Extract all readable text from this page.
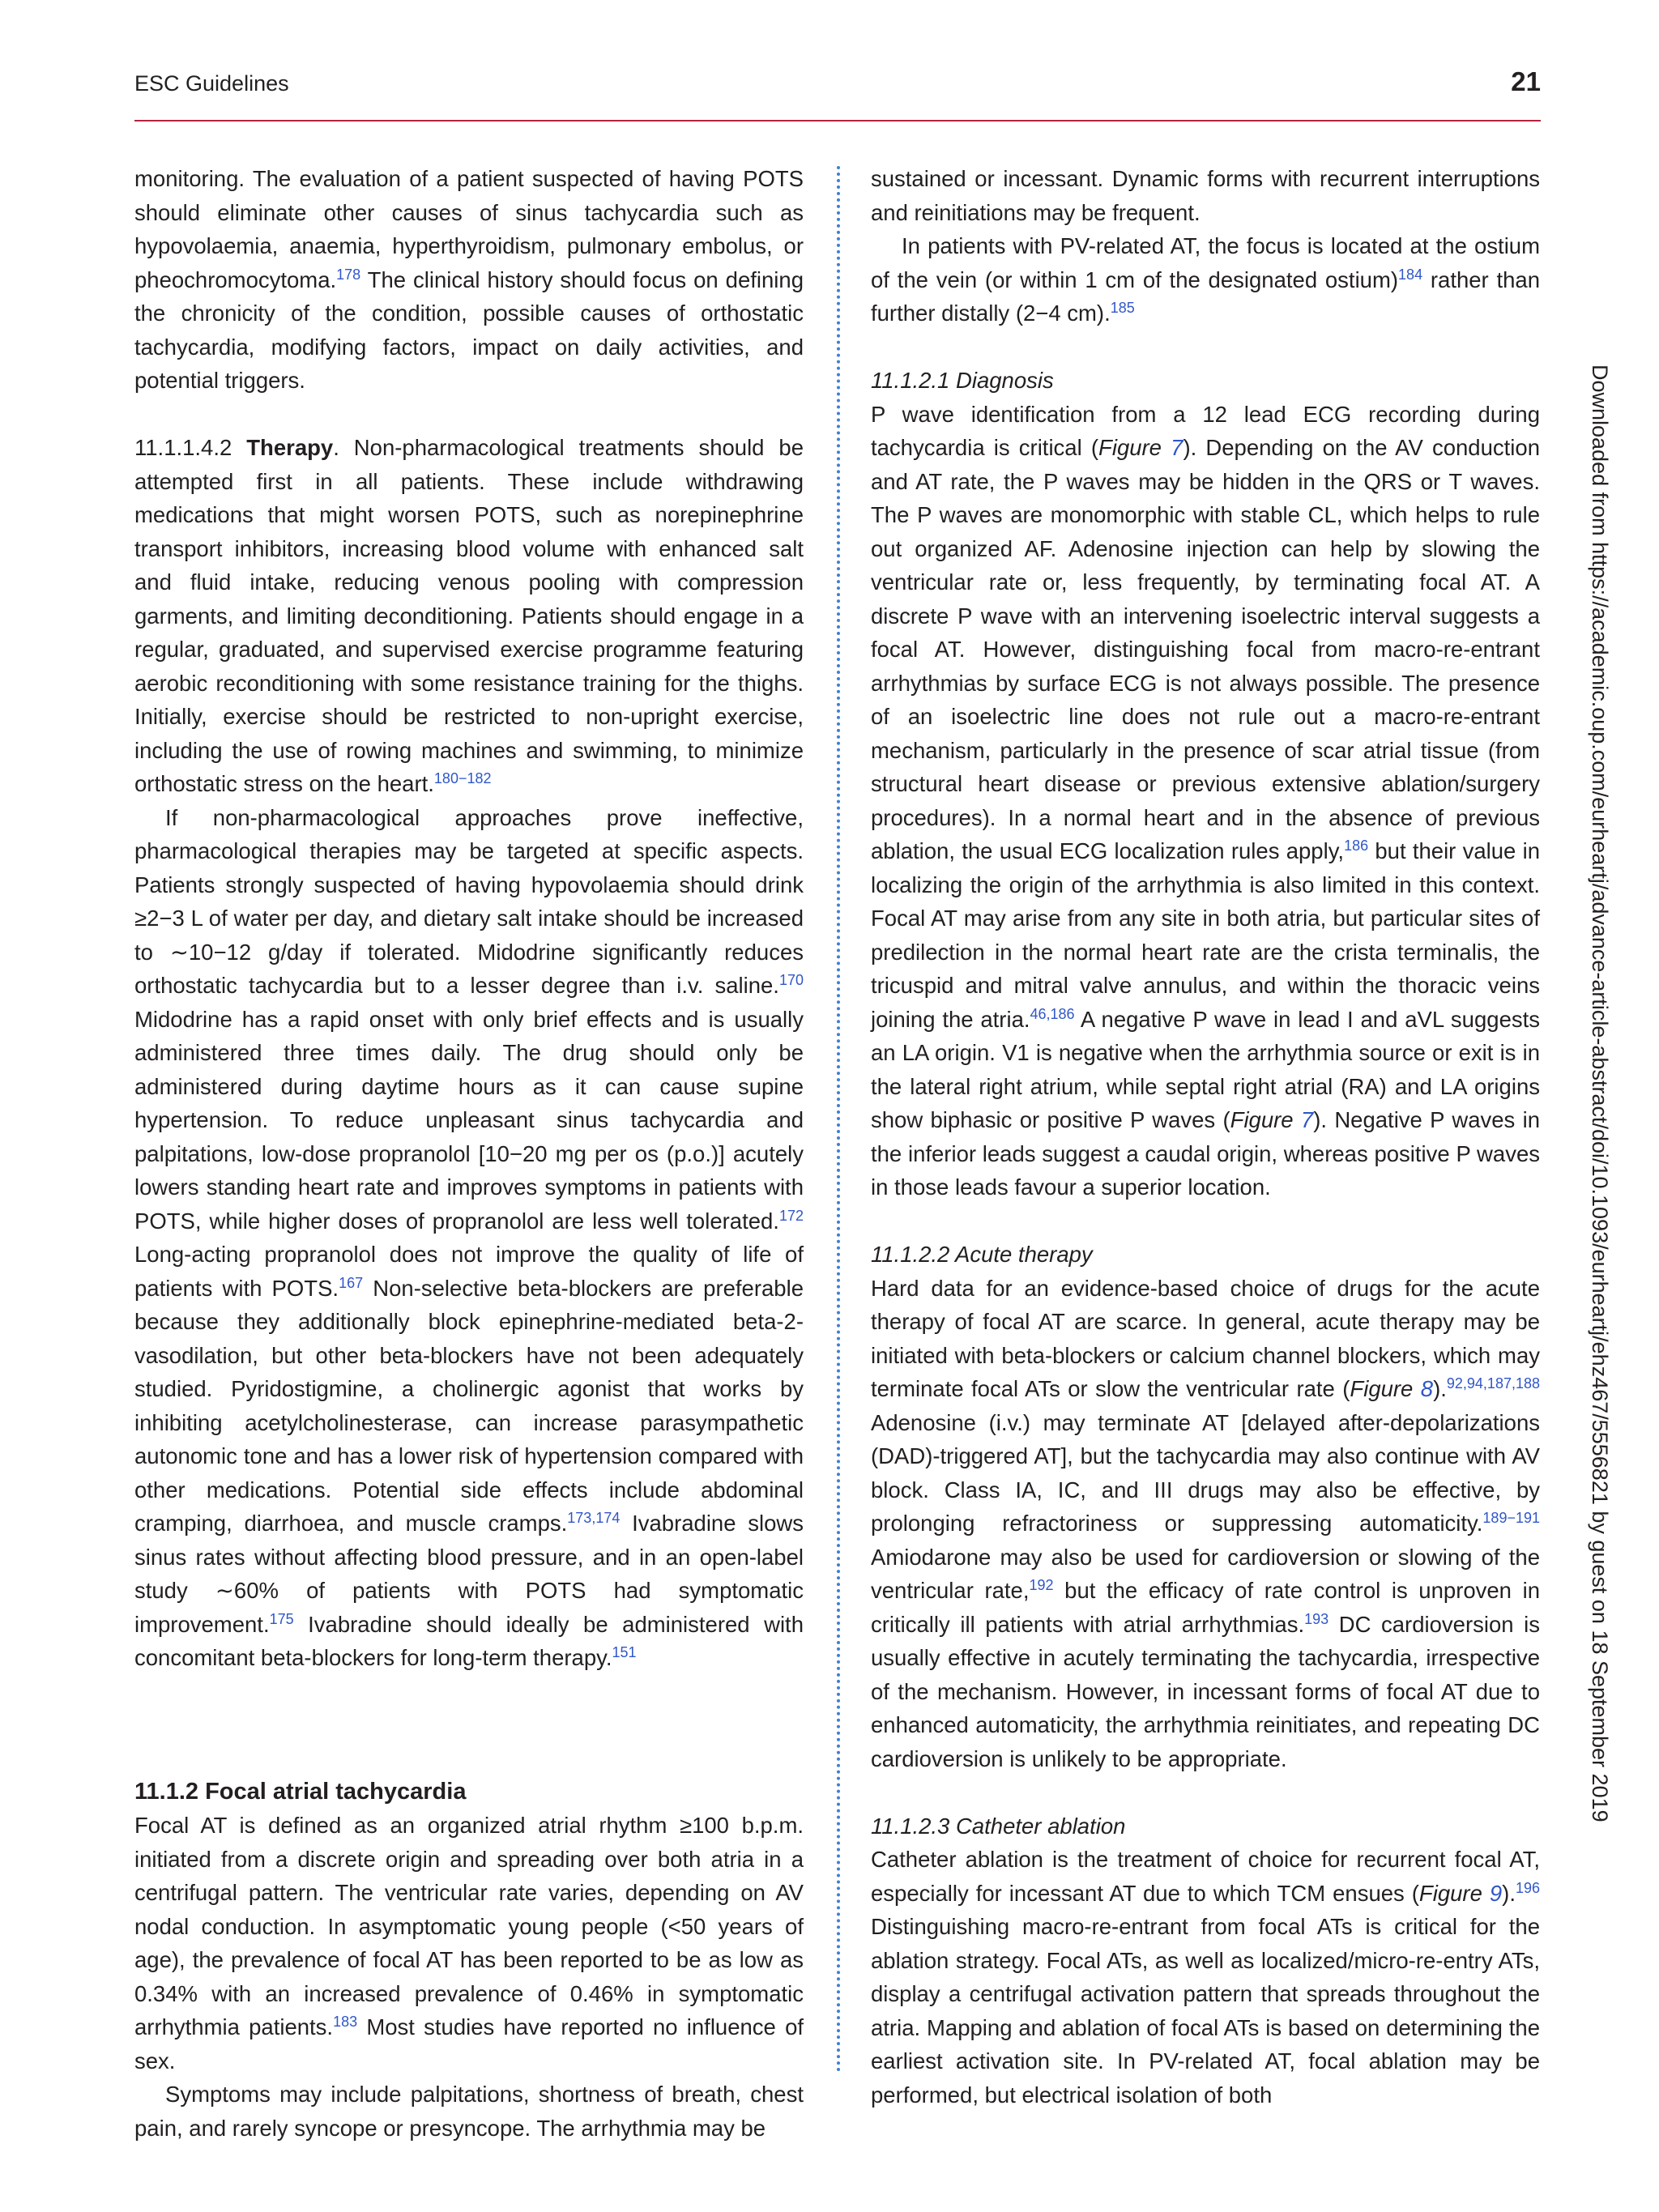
ESC Guidelines	21

monitoring. The evaluation of a patient suspected of having POTS should eliminate other causes of sinus tachycardia such as hypovolaemia, anaemia, hyperthyroidism, pulmonary embolus, or pheochromocytoma.$^{178}$ The clinical history should focus on defining the chronicity of the condition, possible causes of orthostatic tachycardia, modifying factors, impact on daily activities, and potential triggers.

11.1.1.4.2 Therapy. Non-pharmacological treatments should be attempted first in all patients. These include withdrawing medications that might worsen POTS, such as norepinephrine transport inhibitors, increasing blood volume with enhanced salt and fluid intake, reducing venous pooling with compression garments, and limiting deconditioning. Patients should engage in a regular, graduated, and supervised exercise programme featuring aerobic reconditioning with some resistance training for the thighs. Initially, exercise should be restricted to non-upright exercise, including the use of rowing machines and swimming, to minimize orthostatic stress on the heart.$^{180-182}$

If non-pharmacological approaches prove ineffective, pharmacological therapies may be targeted at specific aspects. Patients strongly suspected of having hypovolaemia should drink ≥2−3 L of water per day, and dietary salt intake should be increased to ∼10−12 g/day if tolerated. Midodrine significantly reduces orthostatic tachycardia but to a lesser degree than i.v. saline.$^{170}$ Midodrine has a rapid onset with only brief effects and is usually administered three times daily. The drug should only be administered during daytime hours as it can cause supine hypertension. To reduce unpleasant sinus tachycardia and palpitations, low-dose propranolol [10−20 mg per os (p.o.)] acutely lowers standing heart rate and improves symptoms in patients with POTS, while higher doses of propranolol are less well tolerated.$^{172}$ Long-acting propranolol does not improve the quality of life of patients with POTS.$^{167}$ Non-selective beta-blockers are preferable because they additionally block epinephrine-mediated beta-2-vasodilation, but other beta-blockers have not been adequately studied. Pyridostigmine, a cholinergic agonist that works by inhibiting acetylcholinesterase, can increase parasympathetic autonomic tone and has a lower risk of hypertension compared with other medications. Potential side effects include abdominal cramping, diarrhoea, and muscle cramps.$^{173,174}$ Ivabradine slows sinus rates without affecting blood pressure, and in an open-label study ∼60% of patients with POTS had symptomatic improvement.$^{175}$ Ivabradine should ideally be administered with concomitant beta-blockers for long-term therapy.$^{151}$

11.1.2 Focal atrial tachycardia

Focal AT is defined as an organized atrial rhythm ≥100 b.p.m. initiated from a discrete origin and spreading over both atria in a centrifugal pattern. The ventricular rate varies, depending on AV nodal conduction. In asymptomatic young people (<50 years of age), the prevalence of focal AT has been reported to be as low as 0.34% with an increased prevalence of 0.46% in symptomatic arrhythmia patients.$^{183}$ Most studies have reported no influence of sex.

Symptoms may include palpitations, shortness of breath, chest pain, and rarely syncope or presyncope. The arrhythmia may be

sustained or incessant. Dynamic forms with recurrent interruptions and reinitiations may be frequent.

In patients with PV-related AT, the focus is located at the ostium of the vein (or within 1 cm of the designated ostium)$^{184}$ rather than further distally (2−4 cm).$^{185}$

11.1.2.1 Diagnosis

P wave identification from a 12 lead ECG recording during tachycardia is critical (Figure 7). Depending on the AV conduction and AT rate, the P waves may be hidden in the QRS or T waves. The P waves are monomorphic with stable CL, which helps to rule out organized AF. Adenosine injection can help by slowing the ventricular rate or, less frequently, by terminating focal AT. A discrete P wave with an intervening isoelectric interval suggests a focal AT. However, distinguishing focal from macro-re-entrant arrhythmias by surface ECG is not always possible. The presence of an isoelectric line does not rule out a macro-re-entrant mechanism, particularly in the presence of scar atrial tissue (from structural heart disease or previous extensive ablation/surgery procedures). In a normal heart and in the absence of previous ablation, the usual ECG localization rules apply,$^{186}$ but their value in localizing the origin of the arrhythmia is also limited in this context. Focal AT may arise from any site in both atria, but particular sites of predilection in the normal heart rate are the crista terminalis, the tricuspid and mitral valve annulus, and within the thoracic veins joining the atria.$^{46,186}$ A negative P wave in lead I and aVL suggests an LA origin. V1 is negative when the arrhythmia source or exit is in the lateral right atrium, while septal right atrial (RA) and LA origins show biphasic or positive P waves (Figure 7). Negative P waves in the inferior leads suggest a caudal origin, whereas positive P waves in those leads favour a superior location.

11.1.2.2 Acute therapy

Hard data for an evidence-based choice of drugs for the acute therapy of focal AT are scarce. In general, acute therapy may be initiated with beta-blockers or calcium channel blockers, which may terminate focal ATs or slow the ventricular rate (Figure 8).$^{92,94,187,188}$ Adenosine (i.v.) may terminate AT [delayed after-depolarizations (DAD)-triggered AT], but the tachycardia may also continue with AV block. Class IA, IC, and III drugs may also be effective, by prolonging refractoriness or suppressing automaticity.$^{189-191}$ Amiodarone may also be used for cardioversion or slowing of the ventricular rate,$^{192}$ but the efficacy of rate control is unproven in critically ill patients with atrial arrhythmias.$^{193}$ DC cardioversion is usually effective in acutely terminating the tachycardia, irrespective of the mechanism. However, in incessant forms of focal AT due to enhanced automaticity, the arrhythmia reinitiates, and repeating DC cardioversion is unlikely to be appropriate.

11.1.2.3 Catheter ablation

Catheter ablation is the treatment of choice for recurrent focal AT, especially for incessant AT due to which TCM ensues (Figure 9).$^{196}$ Distinguishing macro-re-entrant from focal ATs is critical for the ablation strategy. Focal ATs, as well as localized/micro-re-entry ATs, display a centrifugal activation pattern that spreads throughout the atria. Mapping and ablation of focal ATs is based on determining the earliest activation site. In PV-related AT, focal ablation may be performed, but electrical isolation of both

Downloaded from https://academic.oup.com/eurheartj/advance-article-abstract/doi/10.1093/eurheartj/ehz467/5556821 by guest on 18 September 2019
